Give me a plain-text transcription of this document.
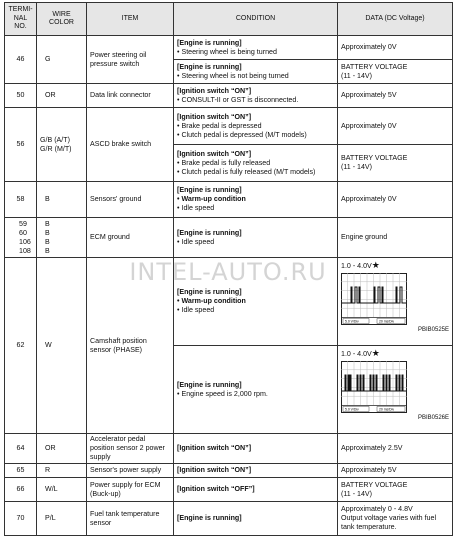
TERMI-
NAL
NO.	WIRE
COLOR	ITEM	CONDITION	DATA (DC Voltage)
46	G	Power steering oil pressure switch	[Engine is running]
• Steering wheel is being turned	Approximately 0V

			[Engine is running]
• Steering wheel is not being turned	BATTERY VOLTAGE
(11 - 14V)

50	OR	Data link connector	[Ignition switch “ON”]
• CONSULT-II or GST is disconnected.	Approximately 5V
56	G/B (A/T)
G/R (M/T)	ASCD brake switch	[Ignition switch “ON”]
• Brake pedal is depressed
• Clutch pedal is depressed (M/T models)	Approximately 0V

			[Ignition switch “ON”]
• Brake pedal is fully released
• Clutch pedal is fully released (M/T models)	BATTERY VOLTAGE
(11 - 14V)

58	B	Sensors' ground	[Engine is running]
• Warm-up condition
• Idle speed	Approximately 0V

59
60
106
108	B
B
B
B	ECM ground	[Engine is running]
• Idle speed	Engine ground
62	W	Camshaft position sensor (PHASE)	[Engine is running]
• Warm-up condition
• Idle speed	1.0 - 4.0V★
5.0 V/Div 20 ms/Div
PBIB0525E

			[Engine is running]
• Engine speed is 2,000 rpm.	1.0 - 4.0V★
5.0 V/Div 20 ms/Div
PBIB0526E

64	OR	Accelerator pedal position sensor 2 power supply	[Ignition switch “ON”]	Approximately 2.5V
65	R	Sensor's power supply	[Ignition switch “ON”]	Approximately 5V
66	W/L	Power supply for ECM (Buck-up)	[Ignition switch “OFF”]	BATTERY VOLTAGE
(11 - 14V)

70	P/L	Fuel tank temperature sensor	[Engine is running]	Approximately 0 - 4.8V
Output voltage varies with fuel tank temperature.
INTEL-AUTO.RU
